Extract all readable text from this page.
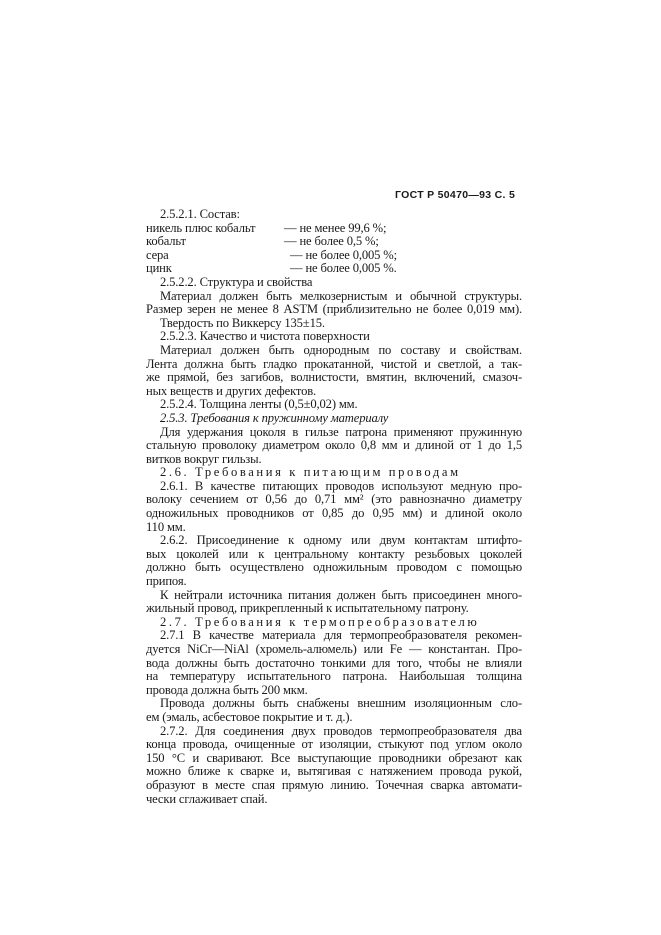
ГОСТ Р 50470—93 С. 5
2.5.2.1. Состав:
никель плюс кобальт	— не менее 99,6 %;
кобальт	— не более 0,5 %;
сера	— не более 0,005 %;
цинк	— не более 0,005 %.
2.5.2.2. Структура и свойства
Материал должен быть мелкозернистым и обычной структуры.
Размер зерен не менее 8 ASTM (приблизительно не более 0,019 мм).
Твердость по Виккерсу 135±15.
2.5.2.3. Качество и чистота поверхности
Материал должен быть однородным по составу и свойствам.
Лента должна быть гладко прокатанной, чистой и светлой, а так-
же прямой, без загибов, волнистости, вмятин, включений, смазоч-
ных веществ и других дефектов.
2.5.2.4. Толщина ленты (0,5±0,02) мм.
2.5.3. Требования к пружинному материалу
Для удержания цоколя в гильзе патрона применяют пружинную
стальную проволоку диаметром около 0,8 мм и длиной от 1 до 1,5
витков вокруг гильзы.
2.6. Требования к питающим проводам
2.6.1. В качестве питающих проводов используют медную про-
волоку сечением от 0,56 до 0,71 мм² (это равнозначно диаметру
одножильных проводников от 0,85 до 0,95 мм) и длиной около
110 мм.
2.6.2. Присоединение к одному или двум контактам штифто-
вых цоколей или к центральному контакту резьбовых цоколей
должно быть осуществлено одножильным проводом с помощью
припоя.
К нейтрали источника питания должен быть присоединен много-
жильный провод, прикрепленный к испытательному патрону.
2.7. Требования к термопреобразователю
2.7.1 В качестве материала для термопреобразователя рекомен-
дуется NiCr—NiAl (хромель-алюмель) или Fe — константан. Про-
вода должны быть достаточно тонкими для того, чтобы не влияли
на температуру испытательного патрона. Наибольшая толщина
провода должна быть 200 мкм.
Провода должны быть снабжены внешним изоляционным сло-
ем (эмаль, асбестовое покрытие и т. д.).
2.7.2. Для соединения двух проводов термопреобразователя два
конца провода, очищенные от изоляции, стыкуют под углом около
150 °С и сваривают. Все выступающие проводники обрезают как
можно ближе к сварке и, вытягивая с натяжением провода рукой,
образуют в месте спая прямую линию. Точечная сварка автомати-
чески сглаживает спай.
